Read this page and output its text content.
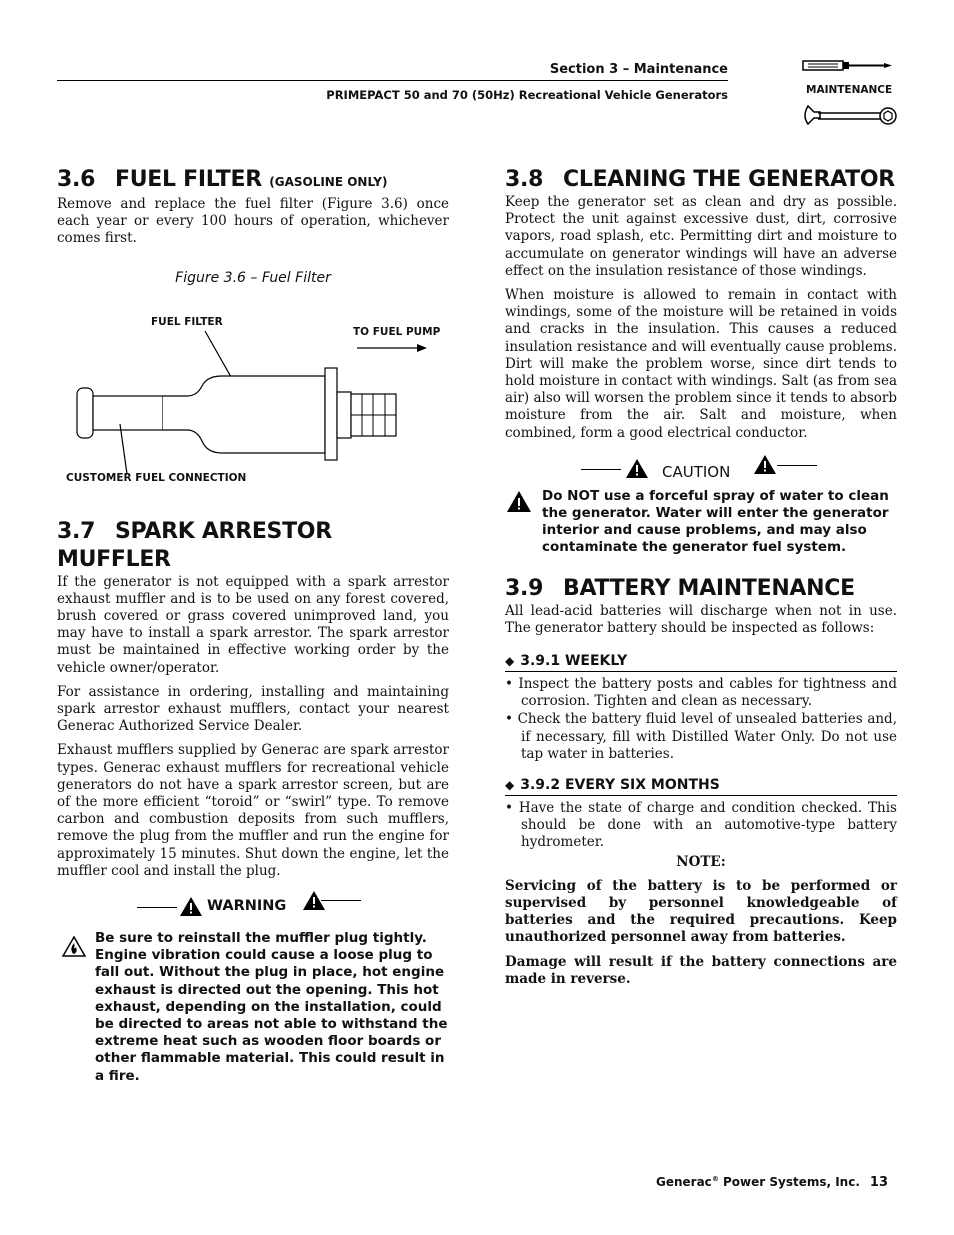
Section 3 – Maintenance
PRIMEPACT 50 and 70 (50Hz) Recreational Vehicle Generators	MAINTENANCE
3.6 FUEL FILTER (GASOLINE ONLY)

Remove and replace the fuel filter (Figure 3.6) once each year or every 100 hours of operation, whichever comes first.

Figure 3.6 – Fuel Filter
FUEL FILTER
TO FUEL PUMP
CUSTOMER FUEL CONNECTION
3.7 SPARK ARRESTOR MUFFLER

If the generator is not equipped with a spark arrestor exhaust muffler and is to be used on any forest covered, brush covered or grass covered unimproved land, you may have to install a spark arrestor. The spark arrestor must be maintained in effective working order by the vehicle owner/operator.

For assistance in ordering, installing and maintaining spark arrestor exhaust mufflers, contact your nearest Generac Authorized Service Dealer.

Exhaust mufflers supplied by Generac are spark arrestor types. Generac exhaust mufflers for recreational vehicle generators do not have a spark arrestor screen, but are of the more efficient “toroid” or “swirl” type. To remove carbon and combustion deposits from such mufflers, remove the plug from the muffler and run the engine for approximately 15 minutes. Shut down the engine, let the muffler cool and install the plug.

WARNING
Be sure to reinstall the muffler plug tightly. Engine vibration could cause a loose plug to fall out. Without the plug in place, hot engine exhaust is directed out the opening. This hot exhaust, depending on the installation, could be directed to areas not able to withstand the extreme heat such as wooden floor boards or other flammable material. This could result in a fire.
3.8 CLEANING THE GENERATOR

Keep the generator set as clean and dry as possible. Protect the unit against excessive dust, dirt, corrosive vapors, road splash, etc. Permitting dirt and moisture to accumulate on generator windings will have an adverse effect on the insulation resistance of those windings.

When moisture is allowed to remain in contact with windings, some of the moisture will be retained in voids and cracks in the insulation. This causes a reduced insulation resistance and will eventually cause problems. Dirt will make the problem worse, since dirt tends to hold moisture in contact with windings. Salt (as from sea air) also will worsen the problem since it tends to absorb moisture from the air. Salt and moisture, when combined, form a good electrical conductor.

CAUTION
Do NOT use a forceful spray of water to clean the generator. Water will enter the generator interior and cause problems, and may also contaminate the generator fuel system.
3.9 BATTERY MAINTENANCE

All lead-acid batteries will discharge when not in use. The generator battery should be inspected as follows:

◆ 3.9.1 WEEKLY
• Inspect the battery posts and cables for tightness and corrosion. Tighten and clean as necessary.
• Check the battery fluid level of unsealed batteries and, if necessary, fill with Distilled Water Only. Do not use tap water in batteries.
◆ 3.9.2 EVERY SIX MONTHS
• Have the state of charge and condition checked. This should be done with an automotive-type battery hydrometer.
NOTE:

Servicing of the battery is to be performed or supervised by personnel knowledgeable of batteries and the required precautions. Keep unauthorized personnel away from batteries.

Damage will result if the battery connections are made in reverse.

Generac® Power Systems, Inc. 13
